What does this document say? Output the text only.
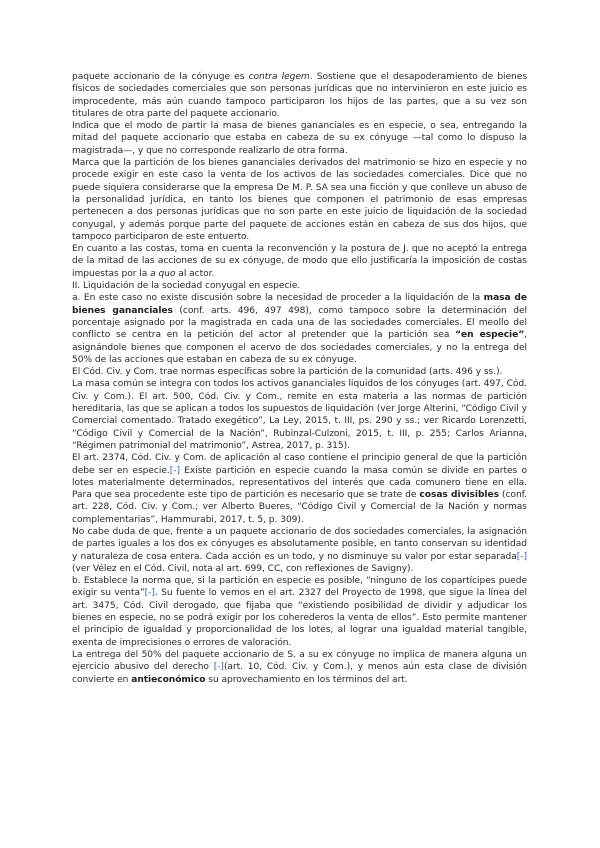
paquete accionario de la cónyuge es contra legem. Sostiene que el desapoderamiento de bienes físicos de sociedades comerciales que son personas jurídicas que no intervinieron en este juicio es improcedente, más aún cuando tampoco participaron los hijos de las partes, que a su vez son titulares de otra parte del paquete accionario.

Indica que el modo de partir la masa de bienes gananciales es en especie, o sea, entregando la mitad del paquete accionario que estaba en cabeza de su ex cónyuge —tal como lo dispuso la magistrada—, y que no corresponde realizarlo de otra forma.

Marca que la partición de los bienes gananciales derivados del matrimonio se hizo en especie y no procede exigir en este caso la venta de los activos de las sociedades comerciales. Dice que no puede siquiera considerarse que la empresa De M. P. SA sea una ficción y que conlleve un abuso de la personalidad jurídica, en tanto los bienes que componen el patrimonio de esas empresas pertenecen a dos personas jurídicas que no son parte en este juicio de liquidación de la sociedad conyugal, y además porque parte del paquete de acciones están en cabeza de sus dos hijos, que tampoco participaron de este entuerto.

En cuanto a las costas, toma en cuenta la reconvención y la postura de J. que no aceptó la entrega de la mitad de las acciones de su ex cónyuge, de modo que ello justificaría la imposición de costas impuestas por la a quo al actor.

II. Liquidación de la sociedad conyugal en especie.

a. En este caso no existe discusión sobre la necesidad de proceder a la liquidación de la masa de bienes gananciales (conf. arts. 496, 497 498), como tampoco sobre la determinación del porcentaje asignado por la magistrada en cada una de las sociedades comerciales. El meollo del conflicto se centra en la petición del actor al pretender que la partición sea “en especie”, asignándole bienes que componen el acervo de dos sociedades comerciales, y no la entrega del 50% de las acciones que estaban en cabeza de su ex cónyuge.

El Cód. Civ. y Com. trae normas específicas sobre la partición de la comunidad (arts. 496 y ss.).

La masa común se integra con todos los activos gananciales líquidos de los cónyuges (art. 497, Cód. Civ. y Com.). El art. 500, Cód. Civ. y Com., remite en esta materia a las normas de partición hereditaria, las que se aplican a todos los supuestos de liquidación (ver Jorge Alterini, “Código Civil y Comercial comentado. Tratado exegético”, La Ley, 2015, t. III, ps. 290 y ss.; ver Ricardo Lorenzetti, “Código Civil y Comercial de la Nación”, Rubinzal-Culzoni, 2015, t. III, p. 255; Carlos Arianna, “Régimen patrimonial del matrimonio”, Astrea, 2017, p. 315).

El art. 2374, Cód. Civ. y Com. de aplicación al caso contiene el principio general de que la partición debe ser en especie.[-] Existe partición en especie cuando la masa común se divide en partes o lotes materialmente determinados, representativos del interés que cada comunero tiene en ella. Para que sea procedente este tipo de partición es necesario que se trate de cosas divisibles (conf. art. 228, Cód. Civ. y Com.; ver Alberto Bueres, “Código Civil y Comercial de la Nación y normas complementarias”, Hammurabi, 2017, t. 5, p. 309).

No cabe duda de que, frente a un paquete accionario de dos sociedades comerciales, la asignación de partes iguales a los dos ex cónyuges es absolutamente posible, en tanto conservan su identidad y naturaleza de cosa entera. Cada acción es un todo, y no disminuye su valor por estar separada[-] (ver Vélez en el Cód. Civil, nota al art. 699, CC, con reflexiones de Savigny).

b. Establece la norma que, si la partición en especie es posible, “ninguno de los copartícipes puede exigir su venta”[-]. Su fuente lo vemos en el art. 2327 del Proyecto de 1998, que sigue la línea del art. 3475, Cód. Civil derogado, que fijaba que “existiendo posibilidad de dividir y adjudicar los bienes en especie, no se podrá exigir por los coherederos la venta de ellos”. Esto permite mantener el principio de igualdad y proporcionalidad de los lotes, al lograr una igualdad material tangible, exenta de imprecisiones o errores de valoración.

La entrega del 50% del paquete accionario de S. a su ex cónyuge no implica de manera alguna un ejercicio abusivo del derecho [-](art. 10, Cód. Civ. y Com.), y menos aún esta clase de división convierte en antieconómico su aprovechamiento en los términos del art.
